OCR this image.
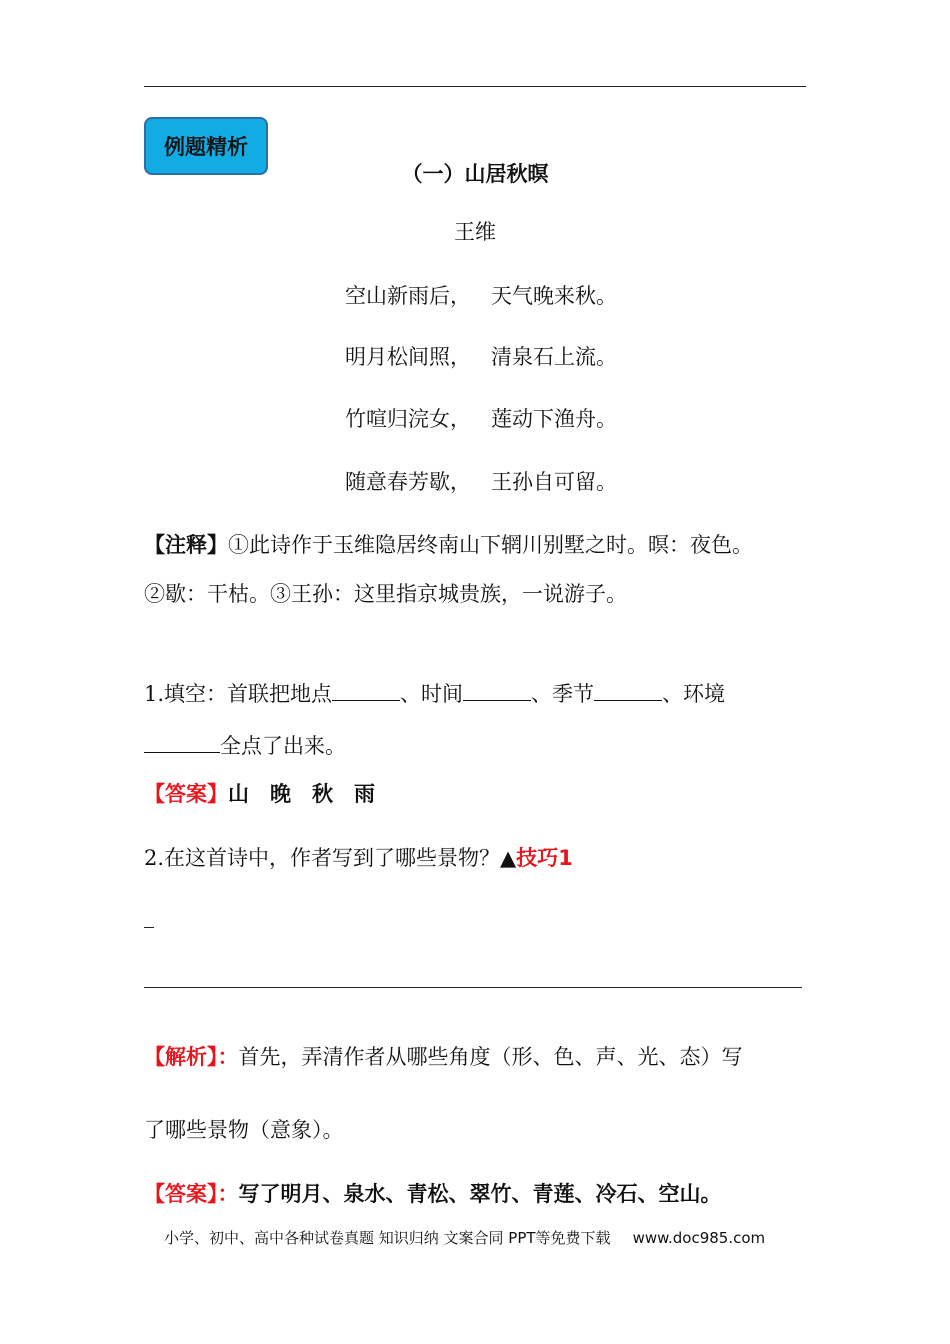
例题精析
（一）山居秋暝
王维
空山新雨后， 天气晚来秋。
明月松间照， 清泉石上流。
竹喧归浣女， 莲动下渔舟。
随意春芳歇， 王孙自可留。
【注释】①此诗作于玉维隐居终南山下辋川别墅之时。暝：夜色。
②歇：干枯。③王孙：这里指京城贵族，一说游子。
1.填空：首联把地点	、时间	、季节	、环境
全点了出来。
【答案】山　晚　秋　雨
2.在这首诗中，作者写到了哪些景物？▲技巧1
【解析】：首先，弄清作者从哪些角度（形、色、声、光、态）写
了哪些景物（意象）。
【答案】：写了明月、泉水、青松、翠竹、青莲、冷石、空山。
小学、初中、高中各种试卷真题 知识归纳 文案合同 PPT等免费下载 www.doc985.com
